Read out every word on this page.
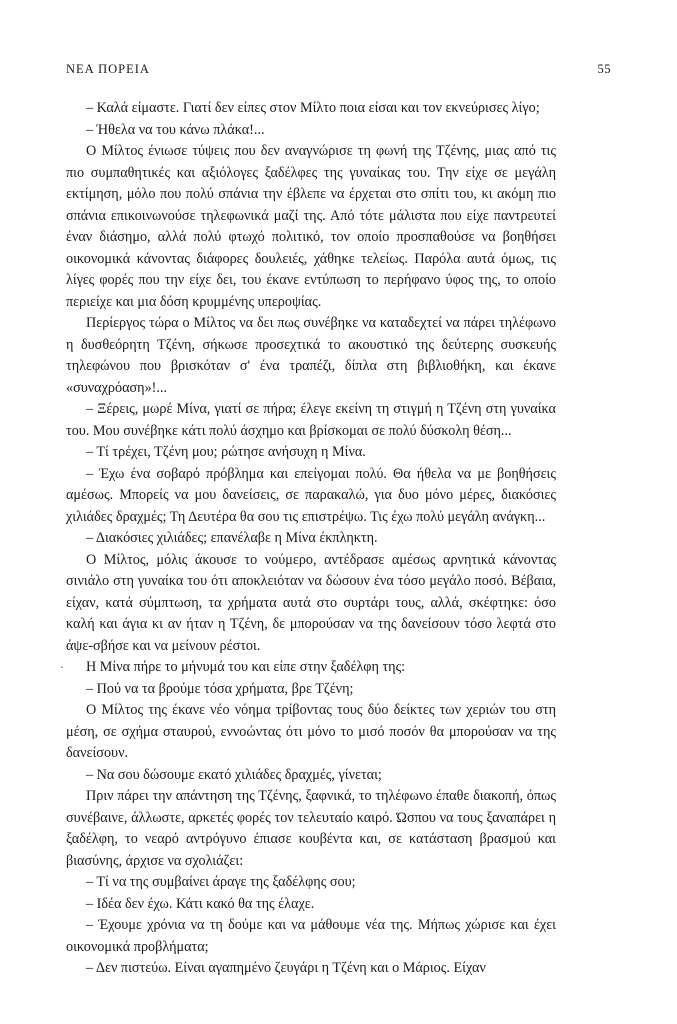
ΝΕΑ ΠΟΡΕΙΑ	55

– Καλά είμαστε. Γιατί δεν είπες στον Μίλτο ποια είσαι και τον εκνεύρισες λίγο;

– Ήθελα να του κάνω πλάκα!...

Ο Μίλτος ένιωσε τύψεις που δεν αναγνώρισε τη φωνή της Τζένης, μιας από τις πιο συμπαθητικές και αξιόλογες ξαδέλφες της γυναίκας του. Την είχε σε μεγάλη εκτίμηση, μόλο που πολύ σπάνια την έβλεπε να έρχεται στο σπίτι του, κι ακόμη πιο σπάνια επικοινωνούσε τηλεφωνικά μαζί της. Από τότε μάλιστα που είχε παντρευτεί έναν διάσημο, αλλά πολύ φτωχό πολιτικό, τον οποίο προσπαθούσε να βοηθήσει οικονομικά κάνοντας διάφορες δουλειές, χάθηκε τελείως. Παρόλα αυτά όμως, τις λίγες φορές που την είχε δει, του έκανε εντύπωση το περήφανο ύφος της, το οποίο περιείχε και μια δόση κρυμμένης υπεροψίας.

Περίεργος τώρα ο Μίλτος να δει πως συνέβηκε να καταδεχτεί να πάρει τηλέφωνο η δυσθεόρητη Τζένη, σήκωσε προσεχτικά το ακουστικό της δεύτερης συσκευής τηλεφώνου που βρισκόταν σ' ένα τραπέζι, δίπλα στη βιβλιοθήκη, και έκανε «συναχρόαση»!...

– Ξέρεις, μωρέ Μίνα, γιατί σε πήρα; έλεγε εκείνη τη στιγμή η Τζένη στη γυναίκα του. Μου συνέβηκε κάτι πολύ άσχημο και βρίσκομαι σε πολύ δύσκολη θέση...

– Τί τρέχει, Τζένη μου; ρώτησε ανήσυχη η Μίνα.

– Έχω ένα σοβαρό πρόβλημα και επείγομαι πολύ. Θα ήθελα να με βοηθήσεις αμέσως. Μπορείς να μου δανείσεις, σε παρακαλώ, για δυο μόνο μέρες, διακόσιες χιλιάδες δραχμές; Τη Δευτέρα θα σου τις επιστρέψω. Τις έχω πολύ μεγάλη ανάγκη...

– Διακόσιες χιλιάδες; επανέλαβε η Μίνα έκπληκτη.

Ο Μίλτος, μόλις άκουσε το νούμερο, αντέδρασε αμέσως αρνητικά κάνοντας σινιάλο στη γυναίκα του ότι αποκλειόταν να δώσουν ένα τόσο μεγάλο ποσό. Βέβαια, είχαν, κατά σύμπτωση, τα χρήματα αυτά στο συρτάρι τους, αλλά, σκέφτηκε: όσο καλή και άγια κι αν ήταν η Τζένη, δε μπορούσαν να της δανείσουν τόσο λεφτά στο άψε-σβήσε και να μείνουν ρέστοι.

Η Μίνα πήρε το μήνυμά του και είπε στην ξαδέλφη της:

– Πού να τα βρούμε τόσα χρήματα, βρε Τζένη;

Ο Μίλτος της έκανε νέο νόημα τρίβοντας τους δύο δείκτες των χεριών του στη μέση, σε σχήμα σταυρού, εννοώντας ότι μόνο το μισό ποσόν θα μπορούσαν να της δανείσουν.

– Να σου δώσουμε εκατό χιλιάδες δραχμές, γίνεται;

Πριν πάρει την απάντηση της Τζένης, ξαφνικά, το τηλέφωνο έπαθε διακοπή, όπως συνέβαινε, άλλωστε, αρκετές φορές τον τελευταίο καιρό. Ώσπου να τους ξαναπάρει η ξαδέλφη, το νεαρό αντρόγυνο έπιασε κουβέντα και, σε κατάσταση βρασμού και βιασύνης, άρχισε να σχολιάζει:

– Τί να της συμβαίνει άραγε της ξαδέλφης σου;

– Ιδέα δεν έχω. Κάτι κακό θα της έλαχε.

– Έχουμε χρόνια να τη δούμε και να μάθουμε νέα της. Μήπως χώρισε και έχει οικονομικά προβλήματα;

– Δεν πιστεύω. Είναι αγαπημένο ζευγάρι η Τζένη και ο Μάριος. Είχαν

·
